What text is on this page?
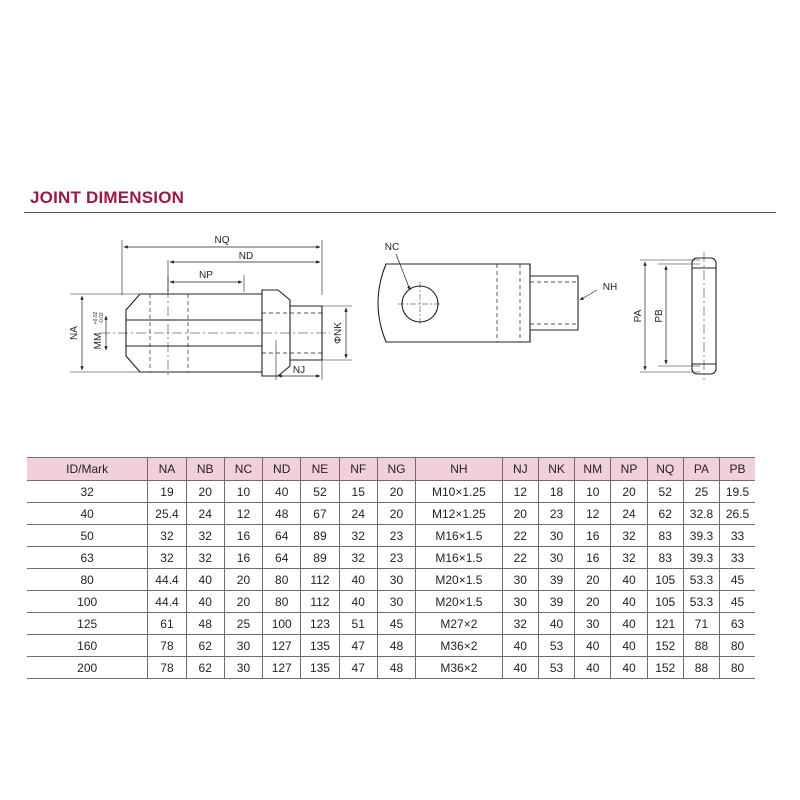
JOINT DIMENSION
NQ
ND
NP
NA MM
+0.02 -0.02
ΦNK
NJ
NC
NH
PA PB
ID/Mark	NA	NB	NC	ND	NE	NF	NG	NH	NJ	NK	NM	NP	NQ	PA	PB
32	19	20	10	40	52	15	20	M10×1.25	12	18	10	20	52	25	19.5
40	25.4	24	12	48	67	24	20	M12×1.25	20	23	12	24	62	32.8	26.5
50	32	32	16	64	89	32	23	M16×1.5	22	30	16	32	83	39.3	33
63	32	32	16	64	89	32	23	M16×1.5	22	30	16	32	83	39.3	33
80	44.4	40	20	80	112	40	30	M20×1.5	30	39	20	40	105	53.3	45
100	44.4	40	20	80	112	40	30	M20×1.5	30	39	20	40	105	53.3	45
125	61	48	25	100	123	51	45	M27×2	32	40	30	40	121	71	63
160	78	62	30	127	135	47	48	M36×2	40	53	40	40	152	88	80
200	78	62	30	127	135	47	48	M36×2	40	53	40	40	152	88	80
